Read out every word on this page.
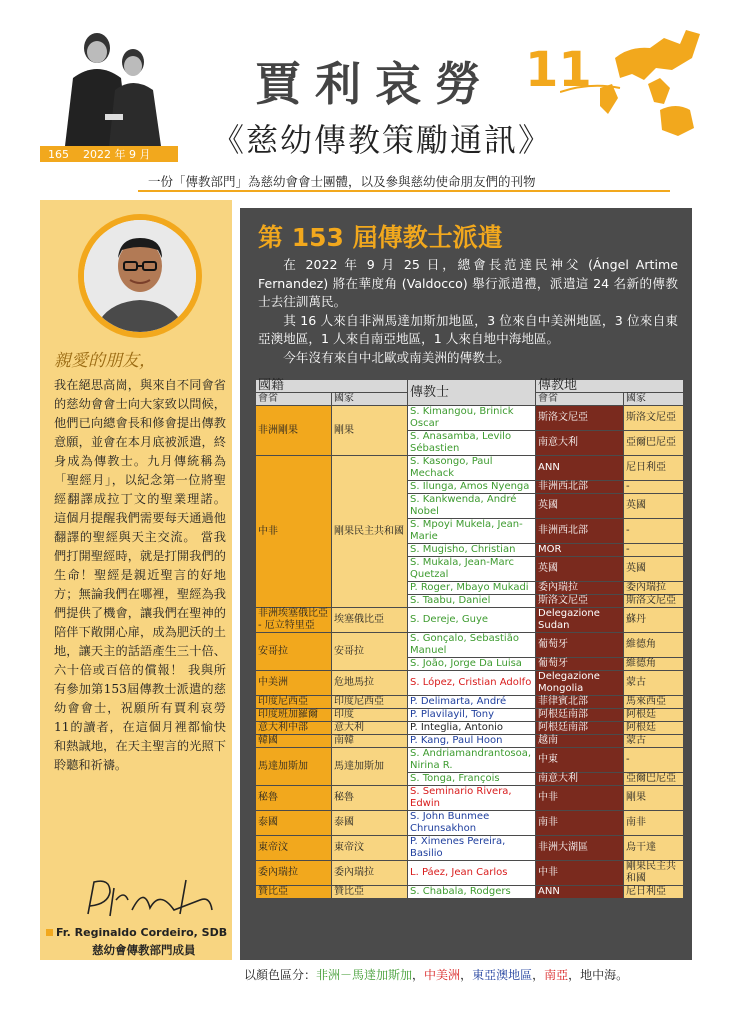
165 2022 年 9 月
賈利哀勞 11
《慈幼傳教策勵通訊》
一份「傳教部門」為慈幼會會士團體，以及參與慈幼使命朋友們的刊物
親愛的朋友，
我在絕思高崗，與來自不同會省的慈幼會會士向大家致以問候，他們已向總會長和修會提出傳教意願，並會在本月底被派遣，終身成為傳教士。九月傳統稱為「聖經月」，以紀念第一位將聖經翻譯成拉丁文的聖業理諾。 這個月提醒我們需要每天通過他翻譯的聖經與天主交流。 當我們打開聖經時，就是打開我們的生命！聖經是親近聖言的好地方；無論我們在哪裡，聖經為我們提供了機會，讓我們在聖神的陪伴下敞開心扉，成為肥沃的土地，讓天主的話語產生三十倍、六十倍或百倍的償報！ 我與所有參加第153屆傳教士派遣的慈幼會會士，祝願所有賈利哀勞11的讀者，在這個月裡都愉快和熱誠地，在天主聖言的光照下聆聽和祈禱。
Fr. Reginaldo Cordeiro, SDB
慈幼會傳教部門成員
第 153 屆傳教士派遣

在 2022 年 9 月 25 日，總會長范達民神父 (Ángel Artime Fernandez) 將在華度角 (Valdocco) 舉行派遣禮，派遣這 24 名新的傳教士去往訓萬民。

其 16 人來自非洲馬達加斯加地區，3 位來自中美洲地區，3 位來自東亞澳地區，1 人來自南亞地區，1 人來自地中海地區。

今年沒有來自中北歐或南美洲的傳教士。

國籍		傳教士	傳教地	
會省	國家		會省	國家
非洲剛果	剛果	S. Kimangou, Brinick Oscar	斯洛文尼亞	斯洛文尼亞
		S. Anasamba, Levilo Sébastien	南意大利	亞爾巴尼亞
中非	剛果民主共和國	S. Kasongo, Paul Mechack	ANN	尼日利亞
		S. Ilunga, Amos Nyenga	非洲西北部	-
		S. Kankwenda, André Nobel	英國	英國
		S. Mpoyi Mukela, Jean-Marie	非洲西北部	-
		S. Mugisho, Christian	MOR	-
		S. Mukala, Jean-Marc Quetzal	英國	英國
		P. Roger, Mbayo Mukadi	委內瑞拉	委內瑞拉
		S. Taabu, Daniel	斯洛文尼亞	斯洛文尼亞
非洲埃塞俄比亞 - 厄立特里亞	埃塞俄比亞	S. Dereje, Guye	Delegazione Sudan	蘇丹
安哥拉	安哥拉	S. Gonçalo, Sebastião Manuel	葡萄牙	維德角
		S. João, Jorge Da Luisa	葡萄牙	維德角
中美洲	危地馬拉	S. López, Cristian Adolfo	Delegazione Mongolia	蒙古
印度尼西亞	印度尼西亞	P. Delimarta, André	菲律賓北部	馬來西亞
印度班加羅爾	印度	P. Plavilayil, Tony	阿根廷南部	阿根廷
意大利中部	意大利	P. Integlia, Antonio	阿根廷南部	阿根廷
韓國	南韓	P. Kang, Paul Hoon	越南	蒙古
馬達加斯加	馬達加斯加	S. Andriamandrantosoa, Nirina R.	中東	-
		S. Tonga, François	南意大利	亞爾巴尼亞
秘魯	秘魯	S. Seminario Rivera, Edwin	中非	剛果
泰國	泰國	S. John Bunmee Chrunsakhon	南非	南非
東帝汶	東帝汶	P. Ximenes Pereira, Basilio	非洲大湖區	烏干達
委內瑞拉	委內瑞拉	L. Páez, Jean Carlos	中非	剛果民主共和國
贊比亞	贊比亞	S. Chabala, Rodgers	ANN	尼日利亞
以顏色區分：非洲－馬達加斯加，中美洲，東亞澳地區，南亞，地中海。
